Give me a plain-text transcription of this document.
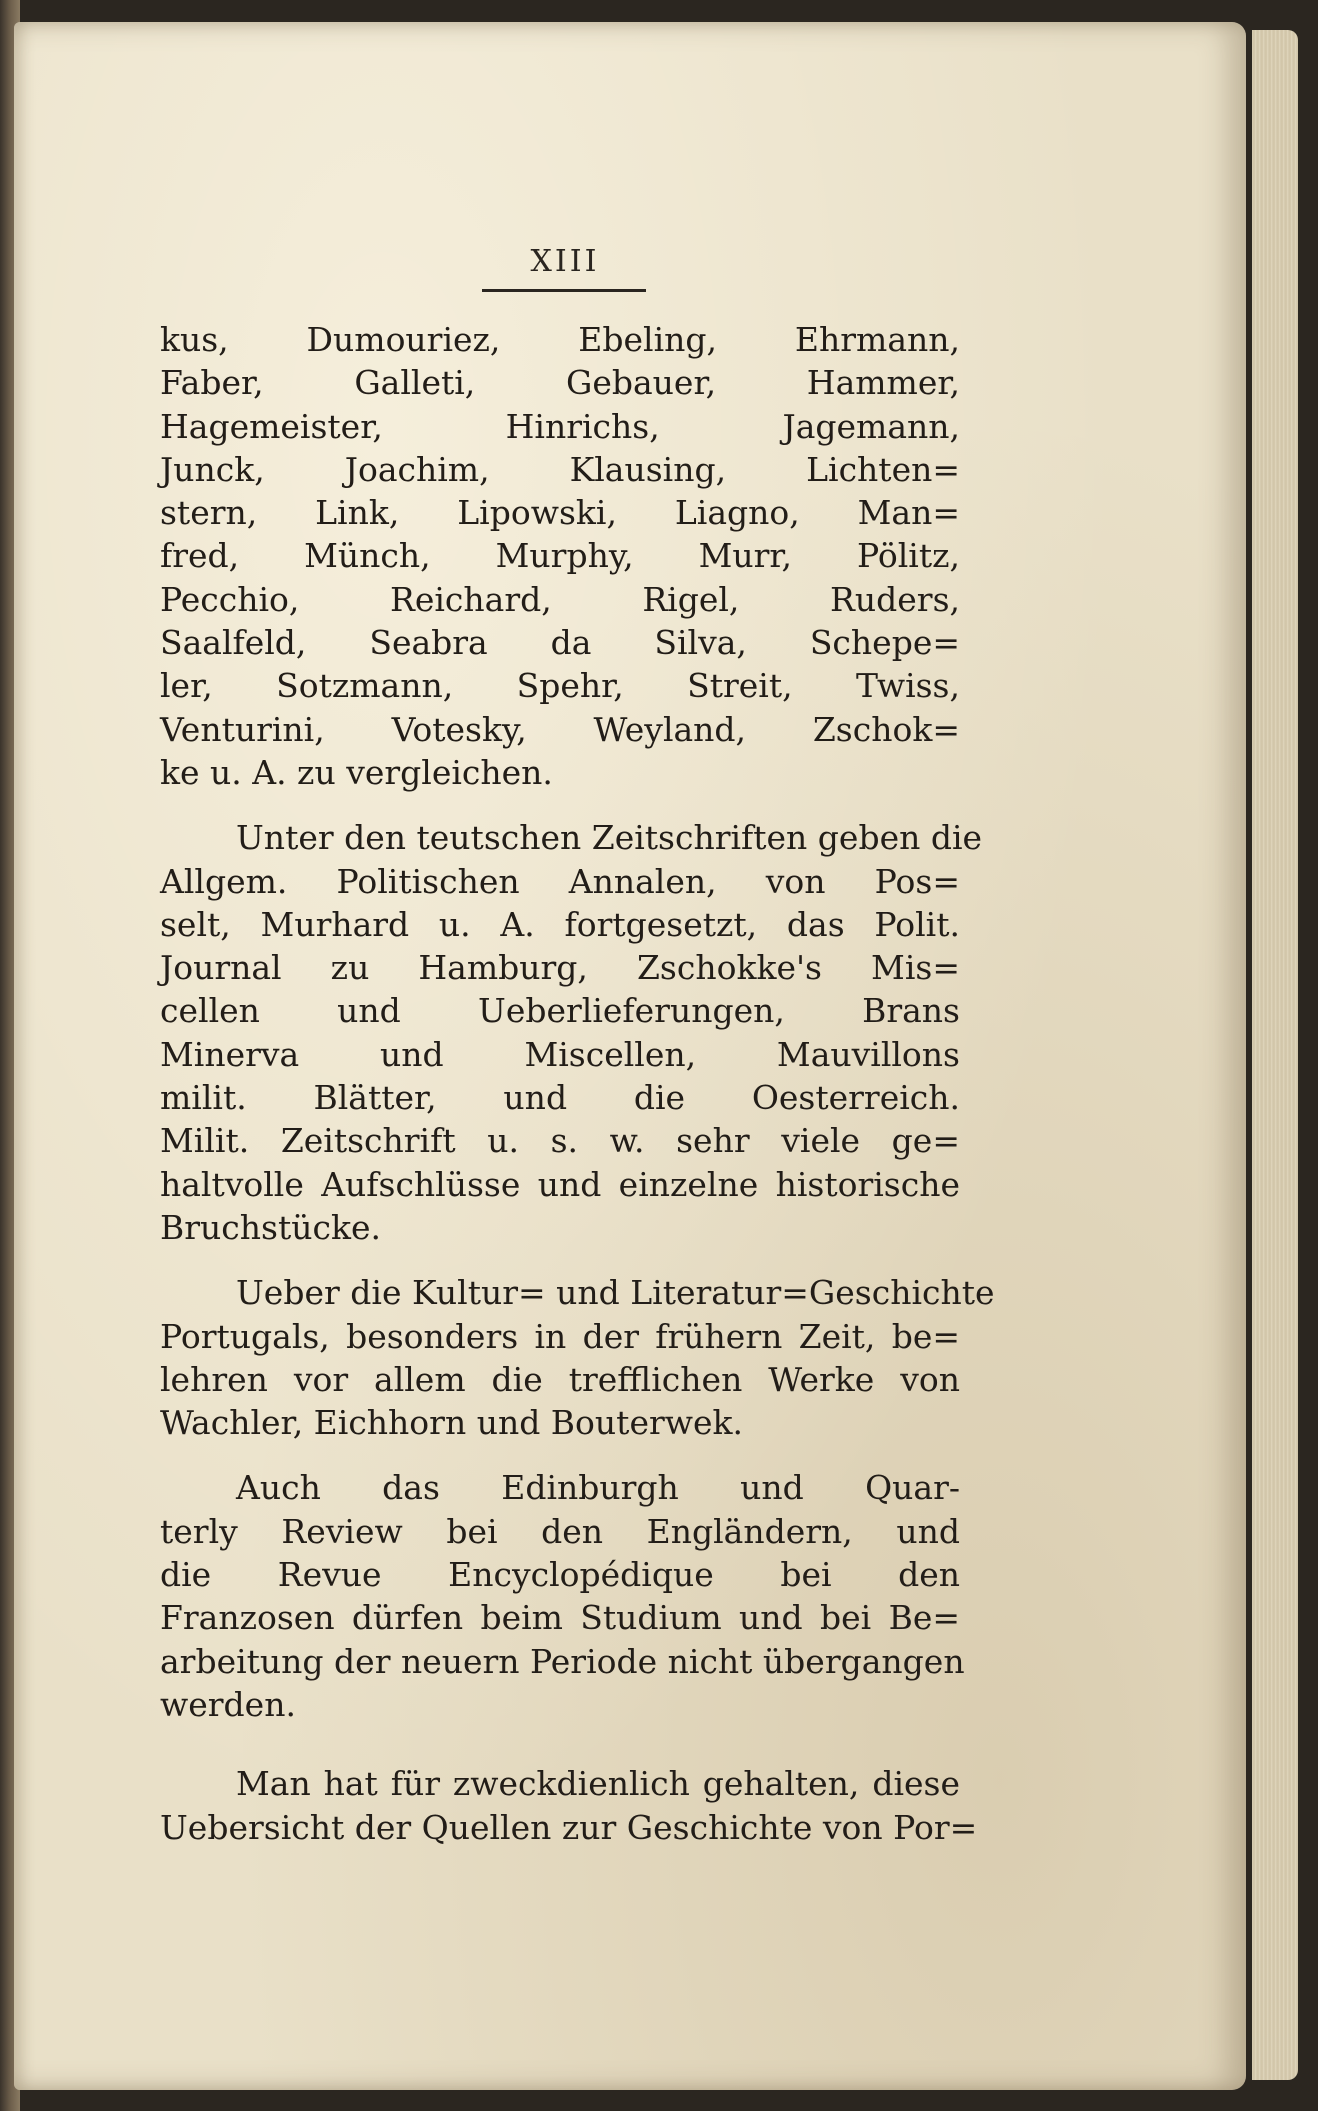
XIII
kus, Dumouriez, Ebeling, Ehrmann,
Faber, Galleti, Gebauer, Hammer,
Hagemeister, Hinrichs, Jagemann,
Junck, Joachim, Klausing, Lichten=
stern, Link, Lipowski, Liagno, Man=
fred, Münch, Murphy, Murr, Pölitz,
Pecchio, Reichard, Rigel, Ruders,
Saalfeld, Seabra da Silva, Schepe=
ler, Sotzmann, Spehr, Streit, Twiss,
Venturini, Votesky, Weyland, Zschok=
ke u. A. zu vergleichen.
Unter den teutschen Zeitschriften geben die
Allgem. Politischen Annalen, von Pos=
selt, Murhard u. A. fortgesetzt, das Polit.
Journal zu Hamburg, Zschokke's Mis=
cellen und Ueberlieferungen, Brans
Minerva und Miscellen, Mauvillons
milit. Blätter, und die Oesterreich.
Milit. Zeitschrift u. s. w. sehr viele ge=
haltvolle Aufschlüsse und einzelne historische
Bruchstücke.
Ueber die Kultur= und Literatur=Geschichte
Portugals, besonders in der frühern Zeit, be=
lehren vor allem die trefflichen Werke von
Wachler, Eichhorn und Bouterwek.
Auch das Edinburgh und Quar-
terly Review bei den Engländern, und
die Revue Encyclopédique bei den
Franzosen dürfen beim Studium und bei Be=
arbeitung der neuern Periode nicht übergangen
werden.
Man hat für zweckdienlich gehalten, diese
Uebersicht der Quellen zur Geschichte von Por=
